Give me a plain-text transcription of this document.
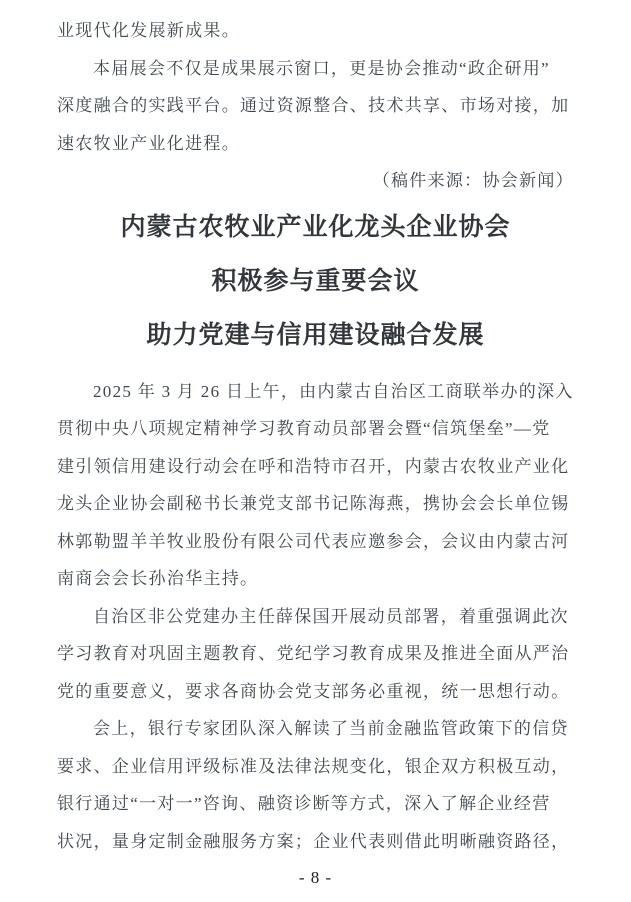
业现代化发展新成果。
本届展会不仅是成果展示窗口，更是协会推动“政企研用”
深度融合的实践平台。通过资源整合、技术共享、市场对接，加
速农牧业产业化进程。
（稿件来源：协会新闻）
内蒙古农牧业产业化龙头企业协会
积极参与重要会议
助力党建与信用建设融合发展
2025 年 3 月 26 日上午，由内蒙古自治区工商联举办的深入
贯彻中央八项规定精神学习教育动员部署会暨“信筑堡垒”—党
建引领信用建设行动会在呼和浩特市召开，内蒙古农牧业产业化
龙头企业协会副秘书长兼党支部书记陈海燕，携协会会长单位锡
林郭勒盟羊羊牧业股份有限公司代表应邀参会，会议由内蒙古河
南商会会长孙治华主持。
自治区非公党建办主任薛保国开展动员部署，着重强调此次
学习教育对巩固主题教育、党纪学习教育成果及推进全面从严治
党的重要意义，要求各商协会党支部务必重视，统一思想行动。
会上，银行专家团队深入解读了当前金融监管政策下的信贷
要求、企业信用评级标准及法律法规变化，银企双方积极互动，
银行通过“一对一”咨询、融资诊断等方式，深入了解企业经营
状况，量身定制金融服务方案；企业代表则借此明晰融资路径，
- 8 -
